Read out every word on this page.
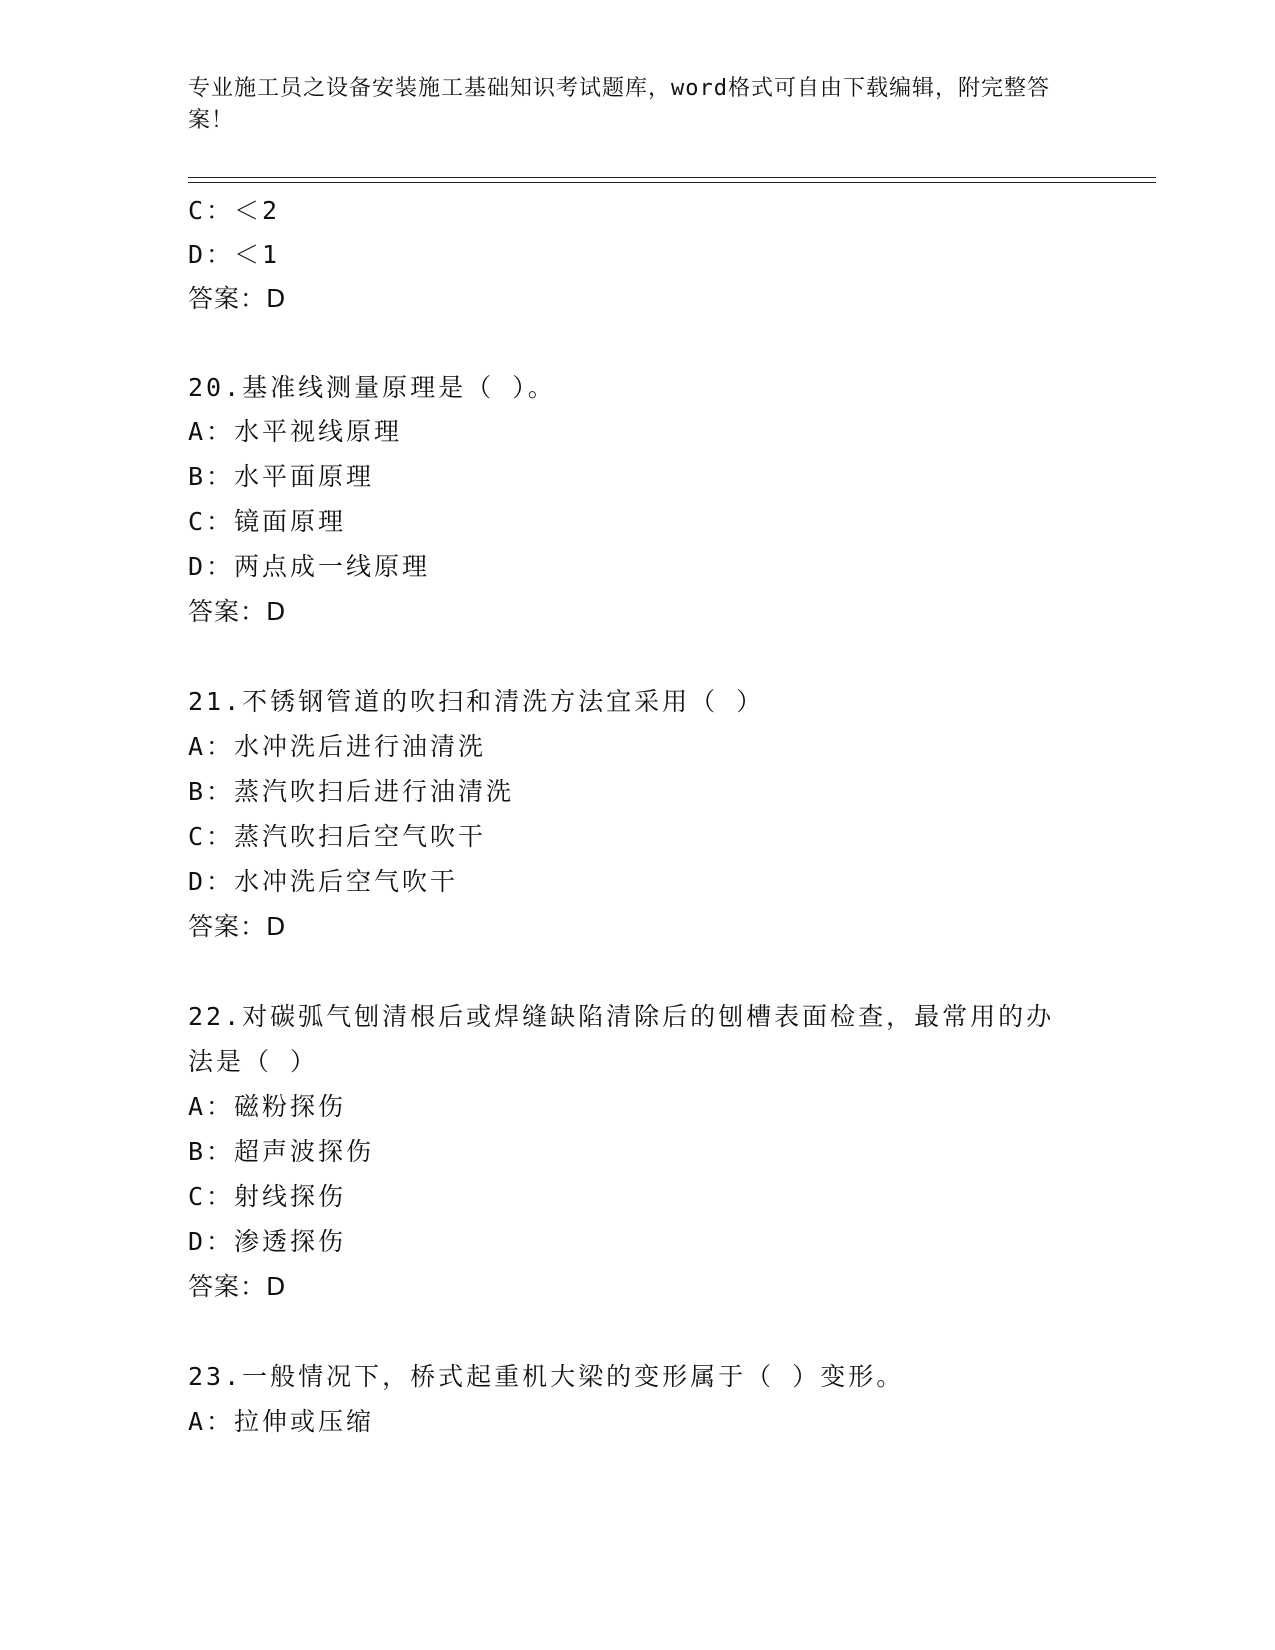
专业施工员之设备安装施工基础知识考试题库，word格式可自由下载编辑，附完整答案！
C：＜2
D：＜1
答案：D
20.基准线测量原理是（ ）。
A：水平视线原理
B：水平面原理
C：镜面原理
D：两点成一线原理
答案：D
21.不锈钢管道的吹扫和清洗方法宜采用（ ）
A：水冲洗后进行油清洗
B：蒸汽吹扫后进行油清洗
C：蒸汽吹扫后空气吹干
D：水冲洗后空气吹干
答案：D
22.对碳弧气刨清根后或焊缝缺陷清除后的刨槽表面检查，最常用的办
法是（ ）
A：磁粉探伤
B：超声波探伤
C：射线探伤
D：渗透探伤
答案：D
23.一般情况下，桥式起重机大梁的变形属于（ ）变形。
A：拉伸或压缩
